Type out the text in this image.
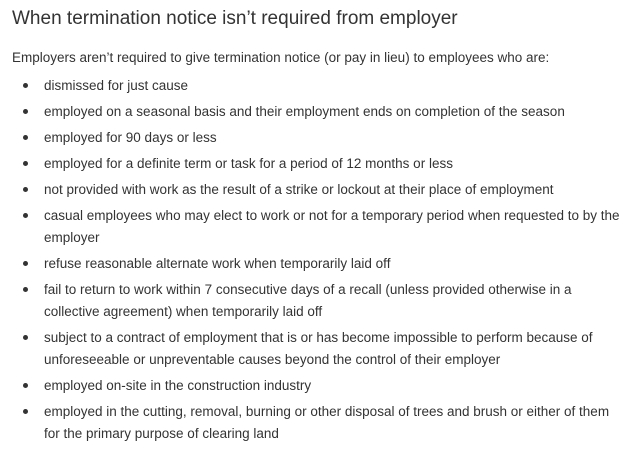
When termination notice isn’t required from employer

Employers aren’t required to give termination notice (or pay in lieu) to employees who are:

dismissed for just cause
employed on a seasonal basis and their employment ends on completion of the season
employed for 90 days or less
employed for a definite term or task for a period of 12 months or less
not provided with work as the result of a strike or lockout at their place of employment
casual employees who may elect to work or not for a temporary period when requested to by the employer
refuse reasonable alternate work when temporarily laid off
fail to return to work within 7 consecutive days of a recall (unless provided otherwise in a collective agreement) when temporarily laid off
subject to a contract of employment that is or has become impossible to perform because of unforeseeable or unpreventable causes beyond the control of their employer
employed on-site in the construction industry
employed in the cutting, removal, burning or other disposal of trees and brush or either of them for the primary purpose of clearing land
